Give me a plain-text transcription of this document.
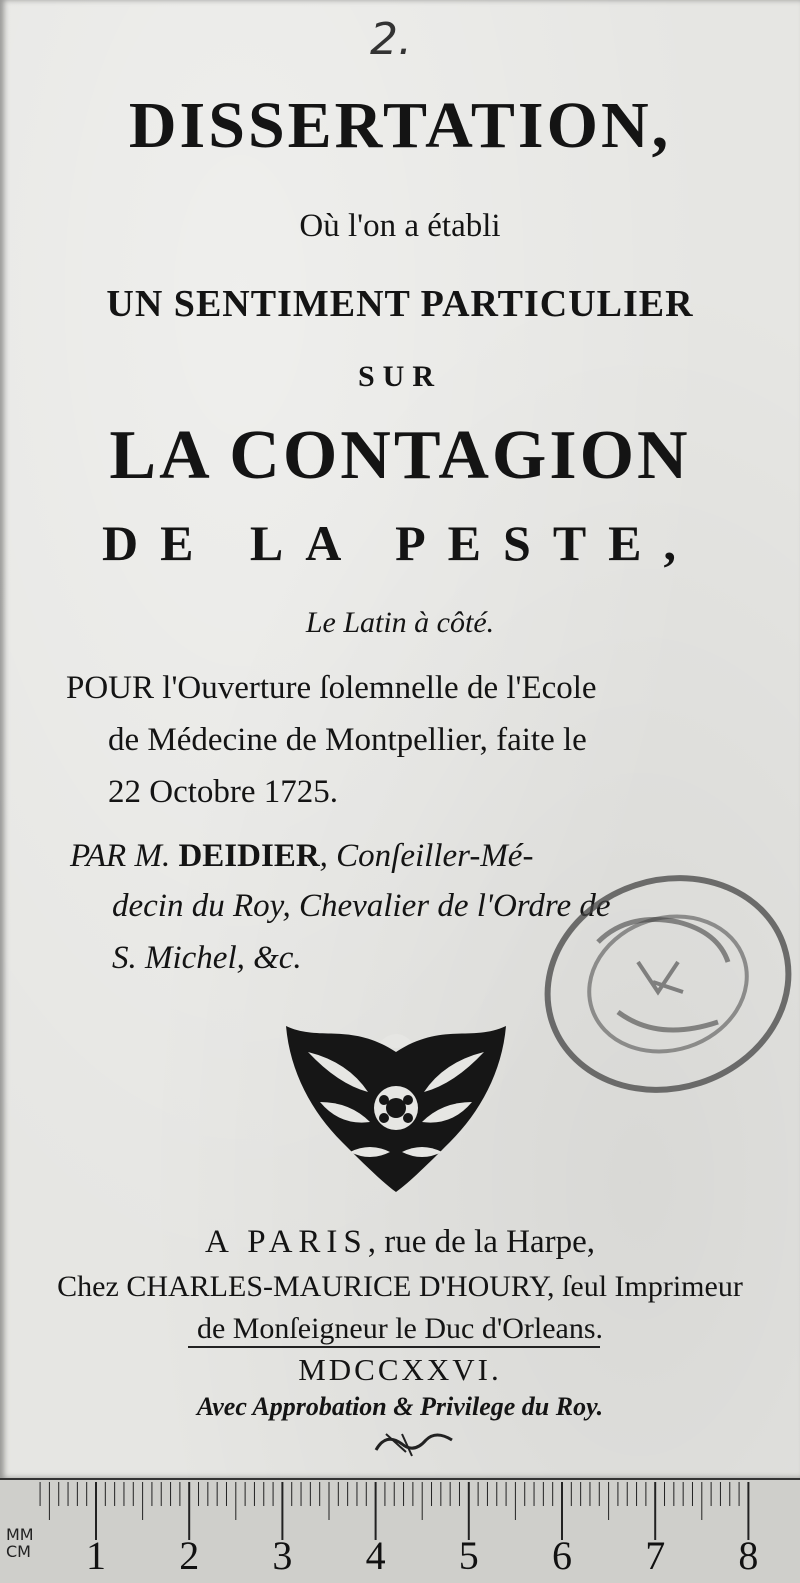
2.
DISSERTATION,
Où l'on a établi
UN SENTIMENT PARTICULIER
SUR
LA CONTAGION
DE LA PESTE,
Le Latin à côté.
POUR l'Ouverture ſolemnelle de l'Ecole
de Médecine de Montpellier, faite le
22 Octobre 1725.
PAR M. DEIDIER, Conſeiller-Mé-
decin du Roy, Chevalier de l'Ordre de
S. Michel, &c.
A PARIS, rue de la Harpe,
Chez CHARLES-MAURICE D'HOURY, ſeul Imprimeur
de Monſeigneur le Duc d'Orleans.
MDCCXXVI.
Avec Approbation & Privilege du Roy.
MM
CM 1 2 3 4 5 6 7 8
